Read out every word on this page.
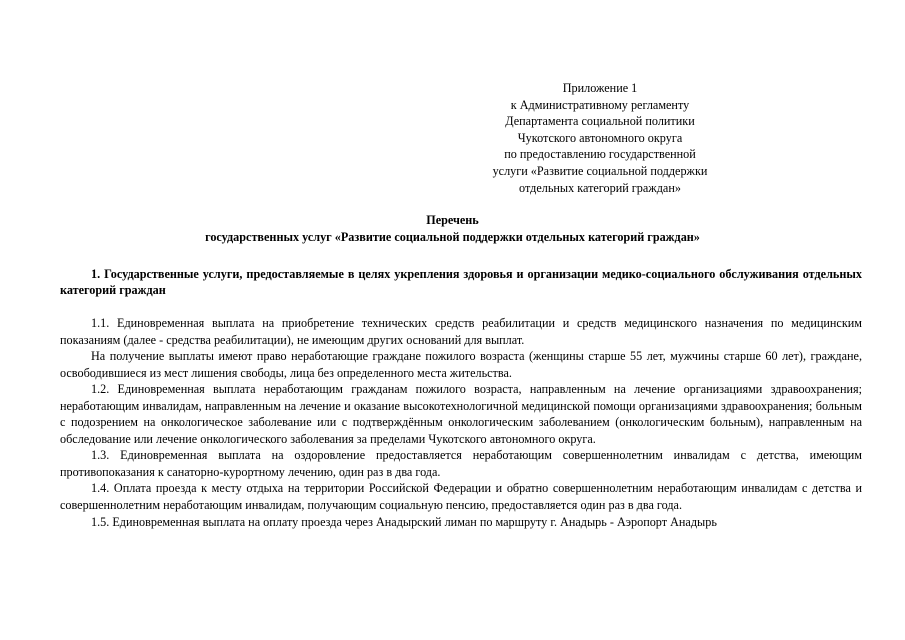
Приложение 1
к Административному регламенту
Департамента социальной политики
Чукотского автономного округа
по предоставлению государственной
услуги «Развитие социальной поддержки
отдельных категорий граждан»
Перечень
государственных услуг «Развитие социальной поддержки отдельных категорий граждан»
1. Государственные услуги, предоставляемые в целях укрепления здоровья и организации медико-социального обслуживания отдельных категорий граждан

1.1. Единовременная выплата на приобретение технических средств реабилитации и средств медицинского назначения по медицинским показаниям (далее - средства реабилитации), не имеющим других оснований для выплат.

На получение выплаты имеют право неработающие граждане пожилого возраста (женщины старше 55 лет, мужчины старше 60 лет), граждане, освободившиеся из мест лишения свободы, лица без определенного места жительства.

1.2. Единовременная выплата неработающим гражданам пожилого возраста, направленным на лечение организациями здравоохранения; неработающим инвалидам, направленным на лечение и оказание высокотехнологичной медицинской помощи организациями здравоохранения; больным с подозрением на онкологическое заболевание или с подтверждённым онкологическим заболеванием (онкологическим больным), направленным на обследование или лечение онкологического заболевания за пределами Чукотского автономного округа.

1.3. Единовременная выплата на оздоровление предоставляется неработающим совершеннолетним инвалидам с детства, имеющим противопоказания к санаторно-курортному лечению, один раз в два года.

1.4. Оплата проезда к месту отдыха на территории Российской Федерации и обратно совершеннолетним неработающим инвалидам с детства и совершеннолетним неработающим инвалидам, получающим социальную пенсию, предоставляется один раз в два года.

1.5. Единовременная выплата на оплату проезда через Анадырский лиман по маршруту г. Анадырь - Аэропорт Анадырь
